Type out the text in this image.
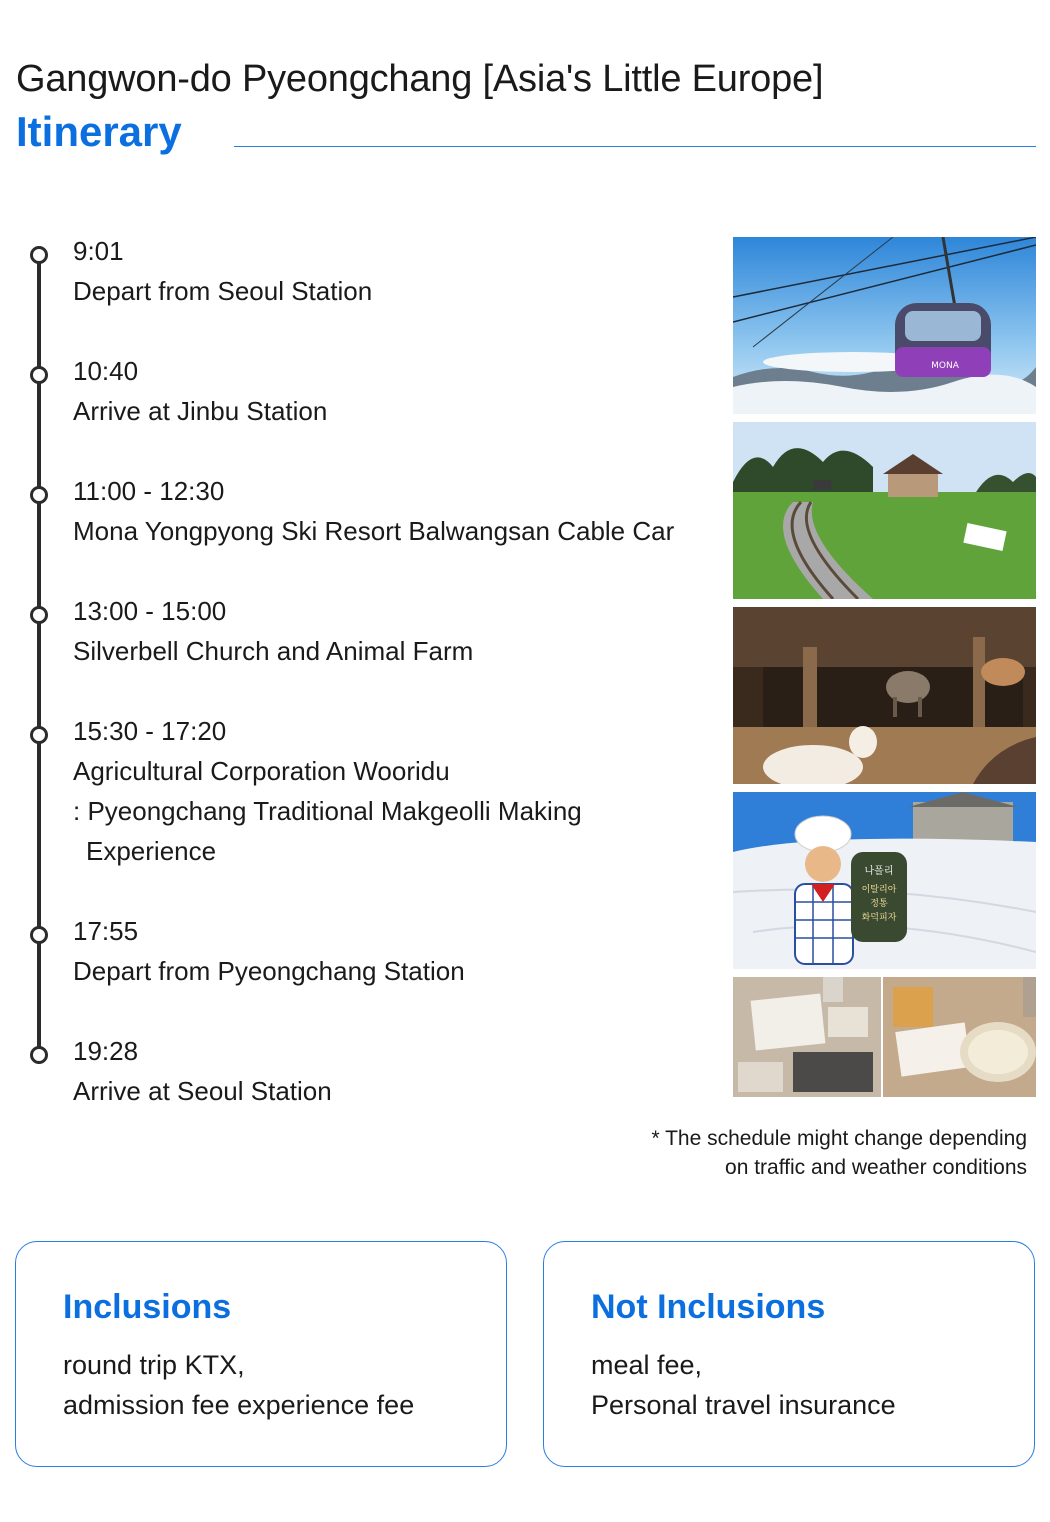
Gangwon-do Pyeongchang [Asia's Little Europe]
Itinerary
9:01
Depart from Seoul Station
10:40
Arrive at Jinbu Station
11:00 - 12:30
Mona Yongpyong Ski Resort Balwangsan Cable Car
13:00 - 15:00
Silverbell Church and Animal Farm
15:30 - 17:20
Agricultural Corporation Wooridu
: Pyeongchang Traditional Makgeolli Making
Experience
17:55
Depart from Pyeongchang Station
19:28
Arrive at Seoul Station
MONA
나폴리
이탈리아
정통
화덕피자
* The schedule might change depending
on traffic and weather conditions
Inclusions
round trip KTX,
admission fee experience fee
Not Inclusions
meal fee,
Personal travel insurance
